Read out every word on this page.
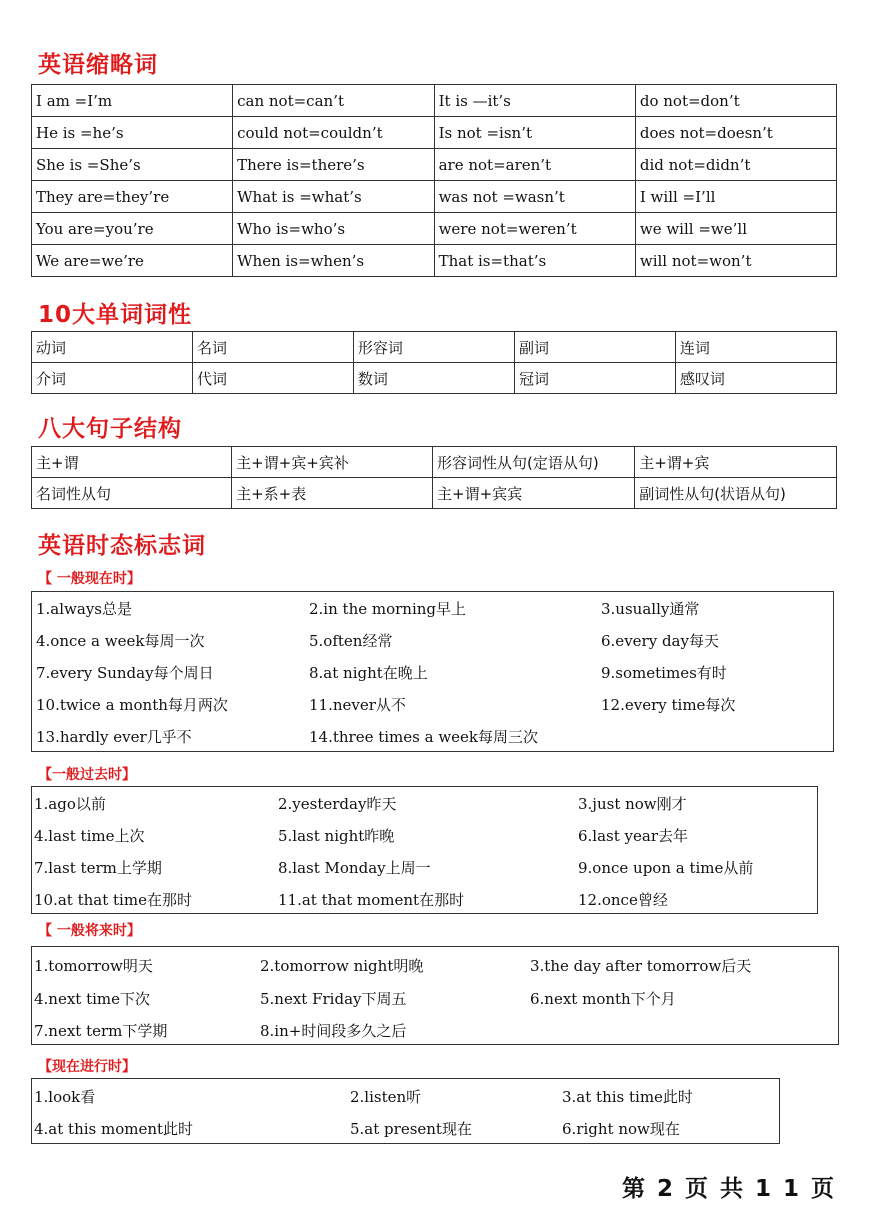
英语缩略词
I am =I’m	can not=can’t	It is —it’s	do not=don’t
He is =he’s	could not=couldn’t	Is not =isn’t	does not=doesn’t
She is =She’s	There is=there’s	are not=aren’t	did not=didn’t
They are=they’re	What is =what’s	was not =wasn’t	I will =I’ll
You are=you’re	Who is=who’s	were not=weren’t	we will =we’ll
We are=we’re	When is=when’s	That is=that’s	will not=won’t
10大单词词性
动词	名词	形容词	副词	连词
介词	代词	数词	冠词	感叹词
八大句子结构
主+谓	主+谓+宾+宾补	形容词性从句(定语从句)	主+谓+宾
名词性从句	主+系+表	主+谓+宾宾	副词性从句(状语从句)
英语时态标志词
【 一般现在时】
1.always总是	2.in the morning早上	3.usually通常
4.once a week每周一次	5.often经常	6.every day每天
7.every Sunday每个周日	8.at night在晚上	9.sometimes有时
10.twice a month每月两次	11.never从不	12.every time每次
13.hardly ever几乎不	14.three times a week每周三次
【一般过去时】
1.ago以前	2.yesterday昨天	3.just now刚才
4.last time上次	5.last night昨晚	6.last year去年
7.last term上学期	8.last Monday上周一	9.once upon a time从前
10.at that time在那时	11.at that moment在那时	12.once曾经
【 一般将来时】
1.tomorrow明天	2.tomorrow night明晚	3.the day after tomorrow后天
4.next time下次	5.next Friday下周五	6.next month下个月
7.next term下学期	8.in+时间段多久之后
【现在进行时】
1.look看	2.listen听	3.at this time此时
4.at this moment此时	5.at present现在	6.right now现在
第 2 页 共 1 1 页
